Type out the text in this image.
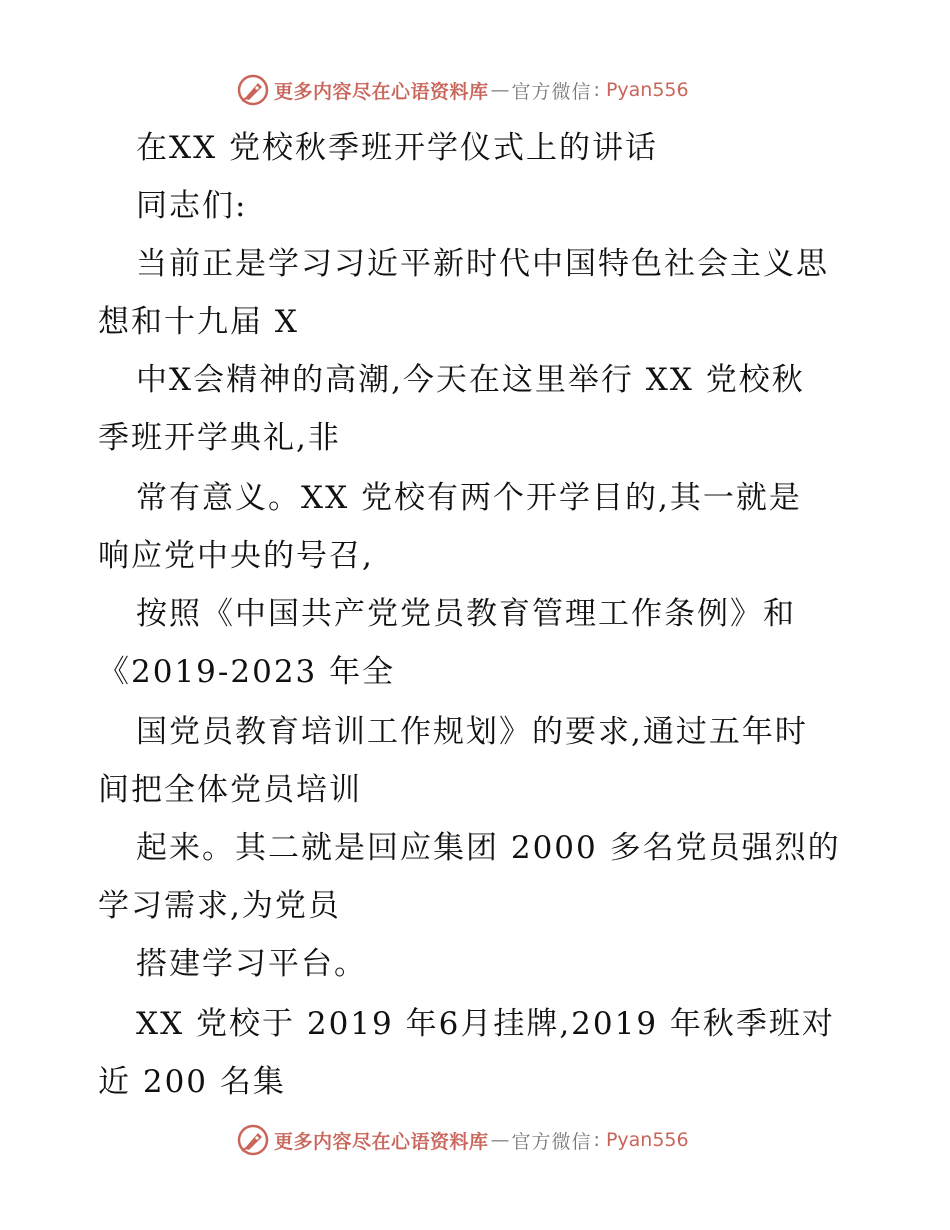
更多内容尽在心语资料库 — 官方微信 : Pyan556
在XX 党校秋季班开学仪式上的讲话
同志们:
当前正是学习习近平新时代中国特色社会主义思
想和十九届 X
中X会精神的高潮,今天在这里举行 XX 党校秋
季班开学典礼,非
常有意义。XX 党校有两个开学目的,其一就是
响应党中央的号召,
按照《中国共产党党员教育管理工作条例》和
《2019-2023 年全
国党员教育培训工作规划》的要求,通过五年时
间把全体党员培训
起来。其二就是回应集团 2000 多名党员强烈的
学习需求,为党员
搭建学习平台。
XX 党校于 2019 年6月挂牌,2019 年秋季班对
近 200 名集
更多内容尽在心语资料库 — 官方微信 : Pyan556
